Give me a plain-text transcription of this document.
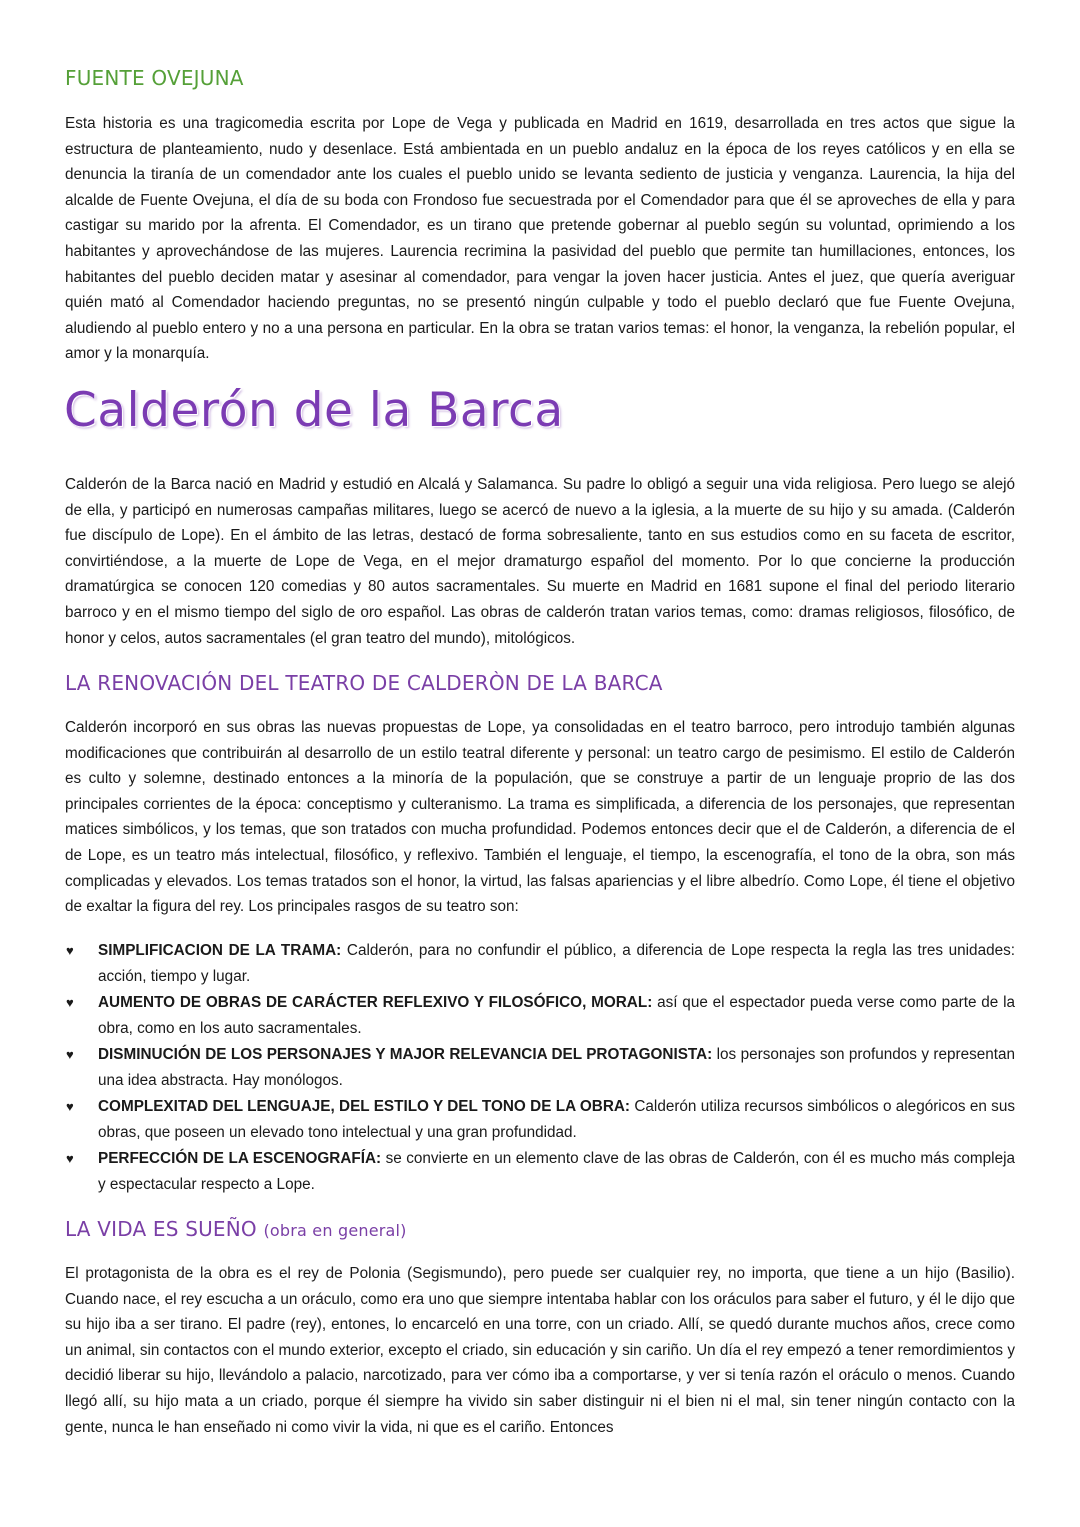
FUENTE OVEJUNA

Esta historia es una tragicomedia escrita por Lope de Vega y publicada en Madrid en 1619, desarrollada en tres actos que sigue la estructura de planteamiento, nudo y desenlace. Está ambientada en un pueblo andaluz en la época de los reyes católicos y en ella se denuncia la tiranía de un comendador ante los cuales el pueblo unido se levanta sediento de justicia y venganza. Laurencia, la hija del alcalde de Fuente Ovejuna, el día de su boda con Frondoso fue secuestrada por el Comendador para que él se aproveches de ella y para castigar su marido por la afrenta. El Comendador, es un tirano que pretende gobernar al pueblo según su voluntad, oprimiendo a los habitantes y aprovechándose de las mujeres. Laurencia recrimina la pasividad del pueblo que permite tan humillaciones, entonces, los habitantes del pueblo deciden matar y asesinar al comendador, para vengar la joven hacer justicia. Antes el juez, que quería averiguar quién mató al Comendador haciendo preguntas, no se presentó ningún culpable y todo el pueblo declaró que fue Fuente Ovejuna, aludiendo al pueblo entero y no a una persona en particular. En la obra se tratan varios temas: el honor, la venganza, la rebelión popular, el amor y la monarquía.

Calderón de la Barca

Calderón de la Barca nació en Madrid y estudió en Alcalá y Salamanca. Su padre lo obligó a seguir una vida religiosa. Pero luego se alejó de ella, y participó en numerosas campañas militares, luego se acercó de nuevo a la iglesia, a la muerte de su hijo y su amada. (Calderón fue discípulo de Lope). En el ámbito de las letras, destacó de forma sobresaliente, tanto en sus estudios como en su faceta de escritor, convirtiéndose, a la muerte de Lope de Vega, en el mejor dramaturgo español del momento. Por lo que concierne la producción dramatúrgica se conocen 120 comedias y 80 autos sacramentales. Su muerte en Madrid en 1681 supone el final del periodo literario barroco y en el mismo tiempo del siglo de oro español. Las obras de calderón tratan varios temas, como: dramas religiosos, filosófico, de honor y celos, autos sacramentales (el gran teatro del mundo), mitológicos.

LA RENOVACIÓN DEL TEATRO DE CALDERÒN DE LA BARCA

Calderón incorporó en sus obras las nuevas propuestas de Lope, ya consolidadas en el teatro barroco, pero introdujo también algunas modificaciones que contribuirán al desarrollo de un estilo teatral diferente y personal: un teatro cargo de pesimismo. El estilo de Calderón es culto y solemne, destinado entonces a la minoría de la populación, que se construye a partir de un lenguaje proprio de las dos principales corrientes de la época: conceptismo y culteranismo. La trama es simplificada, a diferencia de los personajes, que representan matices simbólicos, y los temas, que son tratados con mucha profundidad. Podemos entonces decir que el de Calderón, a diferencia de el de Lope, es un teatro más intelectual, filosófico, y reflexivo. También el lenguaje, el tiempo, la escenografía, el tono de la obra, son más complicadas y elevados. Los temas tratados son el honor, la virtud, las falsas apariencias y el libre albedrío. Como Lope, él tiene el objetivo de exaltar la figura del rey. Los principales rasgos de su teatro son:

♥ SIMPLIFICACION DE LA TRAMA: Calderón, para no confundir el público, a diferencia de Lope respecta la regla las tres unidades: acción, tiempo y lugar.
♥ AUMENTO DE OBRAS DE CARÁCTER REFLEXIVO Y FILOSÓFICO, MORAL: así que el espectador pueda verse como parte de la obra, como en los auto sacramentales.
♥ DISMINUCIÓN DE LOS PERSONAJES Y MAJOR RELEVANCIA DEL PROTAGONISTA: los personajes son profundos y representan una idea abstracta. Hay monólogos.
♥ COMPLEXITAD DEL LENGUAJE, DEL ESTILO Y DEL TONO DE LA OBRA: Calderón utiliza recursos simbólicos o alegóricos en sus obras, que poseen un elevado tono intelectual y una gran profundidad.
♥ PERFECCIÓN DE LA ESCENOGRAFÍA: se convierte en un elemento clave de las obras de Calderón, con él es mucho más compleja y espectacular respecto a Lope.
LA VIDA ES SUEÑO (obra en general)

El protagonista de la obra es el rey de Polonia (Segismundo), pero puede ser cualquier rey, no importa, que tiene a un hijo (Basilio). Cuando nace, el rey escucha a un oráculo, como era uno que siempre intentaba hablar con los oráculos para saber el futuro, y él le dijo que su hijo iba a ser tirano. El padre (rey), entones, lo encarceló en una torre, con un criado. Allí, se quedó durante muchos años, crece como un animal, sin contactos con el mundo exterior, excepto el criado, sin educación y sin cariño. Un día el rey empezó a tener remordimientos y decidió liberar su hijo, llevándolo a palacio, narcotizado, para ver cómo iba a comportarse, y ver si tenía razón el oráculo o menos. Cuando llegó allí, su hijo mata a un criado, porque él siempre ha vivido sin saber distinguir ni el bien ni el mal, sin tener ningún contacto con la gente, nunca le han enseñado ni como vivir la vida, ni que es el cariño. Entonces
